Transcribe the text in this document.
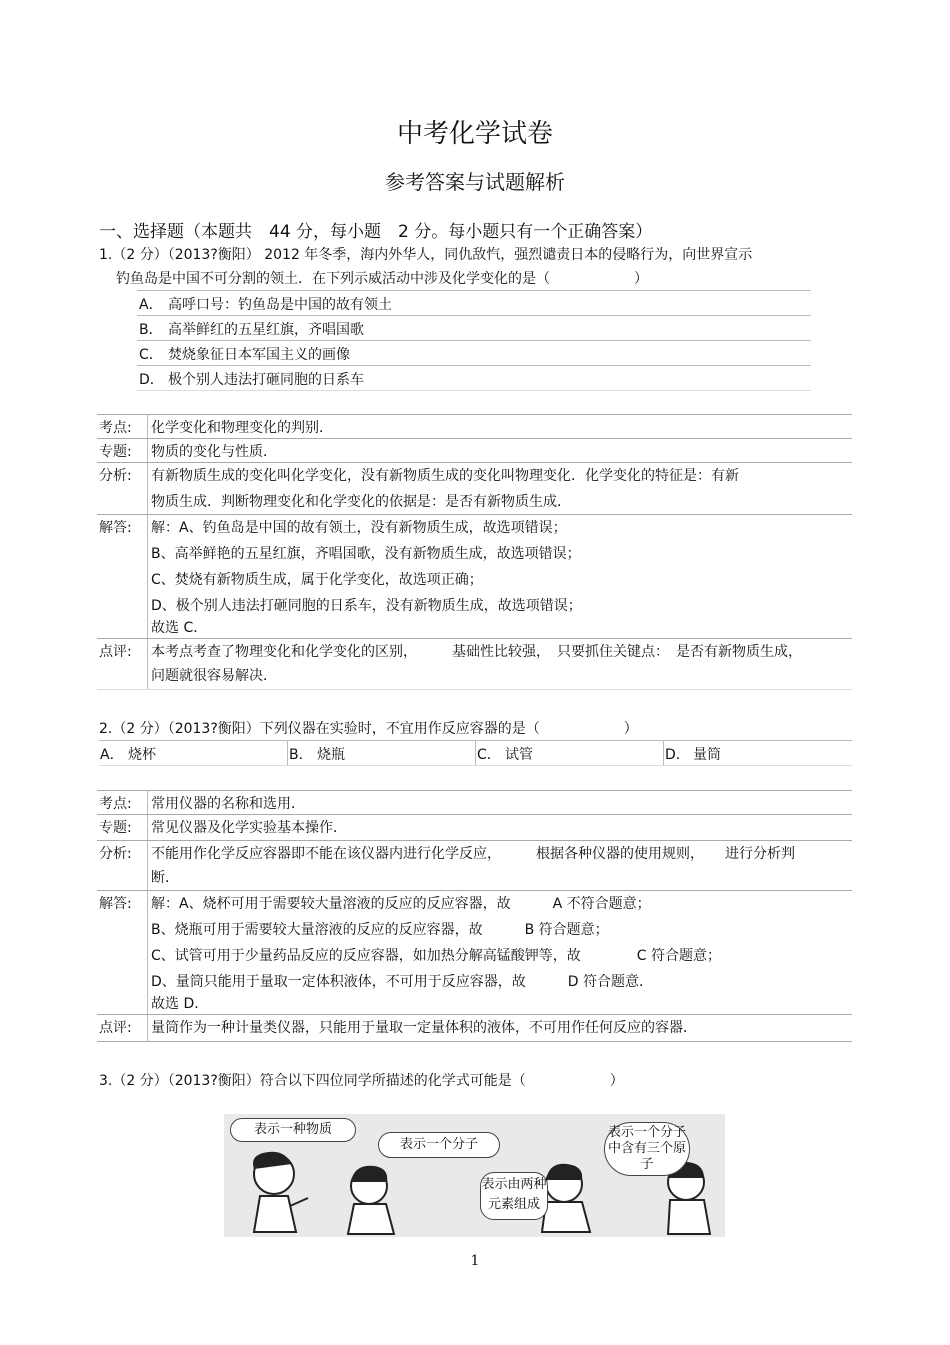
中考化学试卷
参考答案与试题解析
一、选择题（本题共　44 分，每小题　2 分。每小题只有一个正确答案）
1.（2 分）（2013?衡阳） 2012 年冬季，海内外华人，同仇敌忾，强烈谴责日本的侵略行为，向世界宣示
钓鱼岛是中国不可分割的领土．在下列示威活动中涉及化学变化的是（　　　　　　）
A． 高呼口号：钓鱼岛是中国的故有领土
B． 高举鲜红的五星红旗，齐唱国歌
C． 焚烧象征日本军国主义的画像
D． 极个别人违法打砸同胞的日系车
考点: 化学变化和物理变化的判别．
专题: 物质的变化与性质．
分析: 有新物质生成的变化叫化学变化，没有新物质生成的变化叫物理变化．化学变化的特征是：有新
物质生成．判断物理变化和化学变化的依据是：是否有新物质生成．
解答: 解：A、钓鱼岛是中国的故有领土，没有新物质生成，故选项错误；
B、高举鲜艳的五星红旗，齐唱国歌，没有新物质生成，故选项错误；
C、焚烧有新物质生成，属于化学变化，故选项正确；
D、极个别人违法打砸同胞的日系车，没有新物质生成，故选项错误；
故选 C．
点评: 本考点考查了物理变化和化学变化的区别，　　　基础性比较强，　只要抓住关键点：　是否有新物质生成，
问题就很容易解决．
2.（2 分）（2013?衡阳）下列仪器在实验时，不宜用作反应容器的是（　　　　　　）
A． 烧杯	B． 烧瓶	C． 试管	D． 量筒
考点: 常用仪器的名称和选用．
专题: 常见仪器及化学实验基本操作．
分析: 不能用作化学反应容器即不能在该仪器内进行化学反应，　　　根据各种仪器的使用规则，　　进行分析判
断．
解答: 解：A、烧杯可用于需要较大量溶液的反应的反应容器，故　　　A 不符合题意；
B、烧瓶可用于需要较大量溶液的反应的反应容器，故　　　B 符合题意；
C、试管可用于少量药品反应的反应容器，如加热分解高锰酸钾等，故　　　　C 符合题意；
D、量筒只能用于量取一定体积液体，不可用于反应容器，故　　　D 符合题意．
故选 D．
点评: 量筒作为一种计量类仪器，只能用于量取一定量体积的液体，不可用作任何反应的容器．
3.（2 分）（2013?衡阳）符合以下四位同学所描述的化学式可能是（　　　　　　）
表示一种物质
表示一个分子
表示由两种元素组成
表示一个分子中含有三个原子
1
